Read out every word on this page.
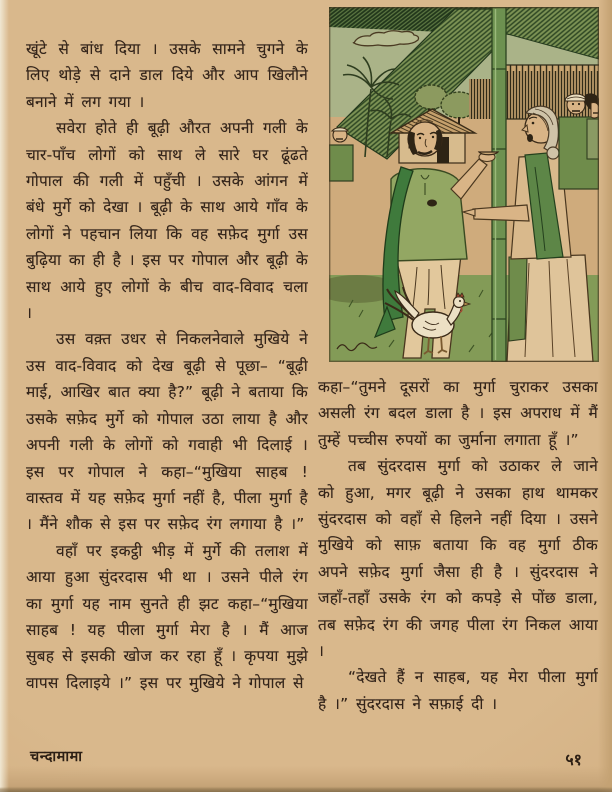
खूंटे से बांध दिया । उसके सामने चुगने के लिए थोड़े से दाने डाल दिये और आप खिलौने बनाने में लग गया ।

सवेरा होते ही बूढ़ी औरत अपनी गली के चार-पाँच लोगों को साथ ले सारे घर ढूंढते गोपाल की गली में पहुँची । उसके आंगन में बंधे मुर्गे को देखा । बूढ़ी के साथ आये गाँव के लोगों ने पहचान लिया कि वह सफ़ेद मुर्गा उस बुढ़िया का ही है । इस पर गोपाल और बूढ़ी के साथ आये हुए लोगों के बीच वाद-विवाद चला ।

उस वक़्त उधर से निकलनेवाले मुखिये ने उस वाद-विवाद को देख बूढ़ी से पूछा– “बूढ़ी माई, आखिर बात क्या है?” बूढ़ी ने बताया कि उसके सफ़ेद मुर्गे को गोपाल उठा लाया है और अपनी गली के लोगों को गवाही भी दिलाई । इस पर गोपाल ने कहा–“मुखिया साहब ! वास्तव में यह सफ़ेद मुर्गा नहीं है, पीला मुर्गा है । मैंने शौक से इस पर सफ़ेद रंग लगाया है ।”

वहाँ पर इकट्ठी भीड़ में मुर्गे की तलाश में आया हुआ सुंदरदास भी था । उसने पीले रंग का मुर्गा यह नाम सुनते ही झट कहा–“मुखिया साहब ! यह पीला मुर्गा मेरा है । मैं आज सुबह से इसकी खोज कर रहा हूँ । कृपया मुझे वापस दिलाइये ।” इस पर मुखिये ने गोपाल से

कहा–“तुमने दूसरों का मुर्गा चुराकर उसका असली रंग बदल डाला है । इस अपराध में मैं तुम्हें पच्चीस रुपयों का जुर्माना लगाता हूँ ।”

तब सुंदरदास मुर्गा को उठाकर ले जाने को हुआ, मगर बूढ़ी ने उसका हाथ थामकर सुंदरदास को वहाँ से हिलने नहीं दिया । उसने मुखिये को साफ़ बताया कि वह मुर्गा ठीक अपने सफ़ेद मुर्गा जैसा ही है । सुंदरदास ने जहाँ-तहाँ उसके रंग को कपड़े से पोंछ डाला, तब सफ़ेद रंग की जगह पीला रंग निकल आया ।

“देखते हैं न साहब, यह मेरा पीला मुर्गा है ।” सुंदरदास ने सफ़ाई दी ।

चन्दामामा	५१
